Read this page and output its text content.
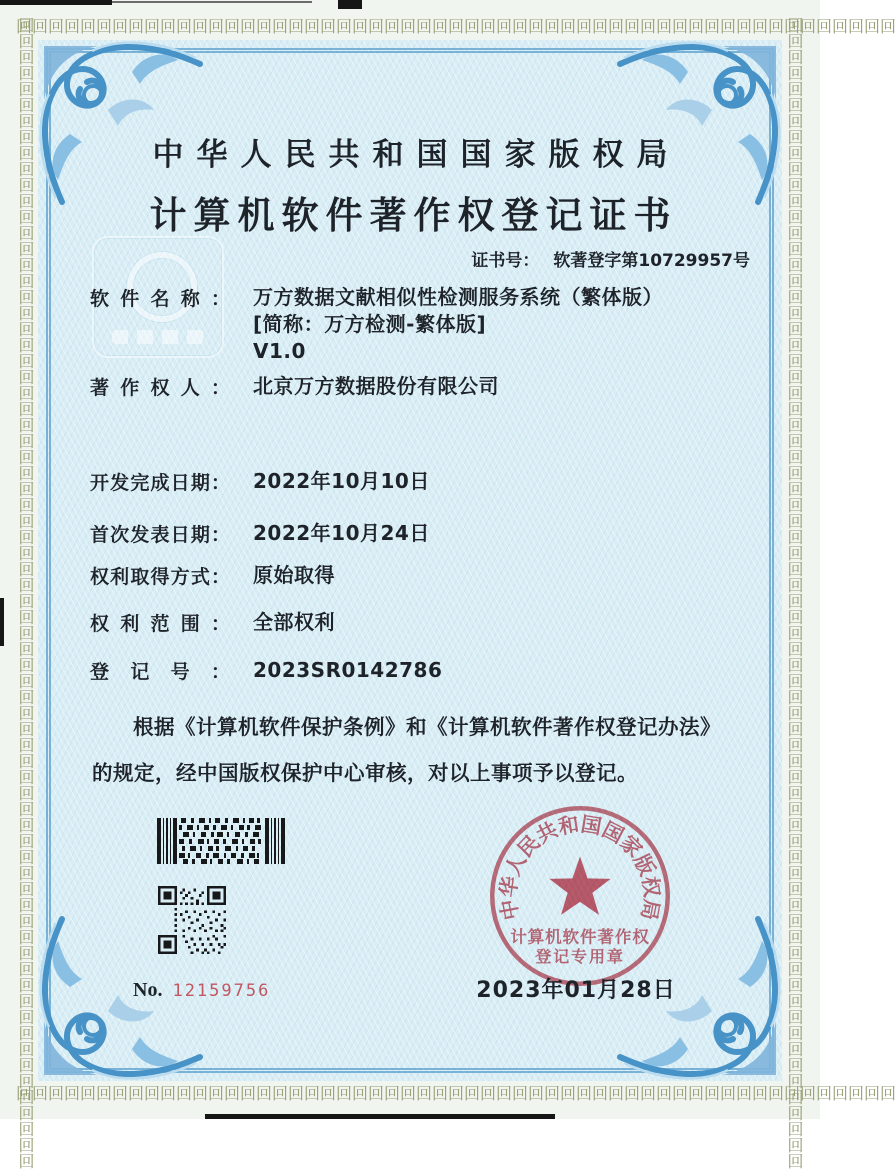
回回回回回回回回回回回回回回回回回回回回回回回回回回回回回回回回回回回回回回回回回回回回回回回回回回回回回回回
回回回回回回回回回回回回回回回回回回回回回回回回回回回回回回回回回回回回回回回回回回回回回回回回回回回回回回回
回回回回回回回回回回回回回回回回回回回回回回回回回回回回回回回回回回回回回回回回回回回回回回回回回回回回回回回回回回回回回回回回回回回回回回回回	回回回回回回回回回回回回回回回回回回回回回回回回回回回回回回回回回回回回回回回回回回回回回回回回回回回回回回回回回回回回回回回回回回回回回回回回
中华人民共和国国家版权局
计算机软件著作权登记证书
证书号： 软著登字第10729957号
软件名称： 万方数据文献相似性检测服务系统（繁体版）
[简称：万方检测-繁体版]
V1.0
著作权人： 北京万方数据股份有限公司
开发完成日期： 2022年10月10日
首次发表日期： 2022年10月24日
权利取得方式： 原始取得
权利范围： 全部权利
登记号： 2023SR0142786
根据《计算机软件保护条例》和《计算机软件著作权登记办法》的规定，经中国版权保护中心审核，对以上事项予以登记。
中华人民共和国国家版权局
计算机软件著作权
登记专用章
No. 12159756	2023年01月28日
